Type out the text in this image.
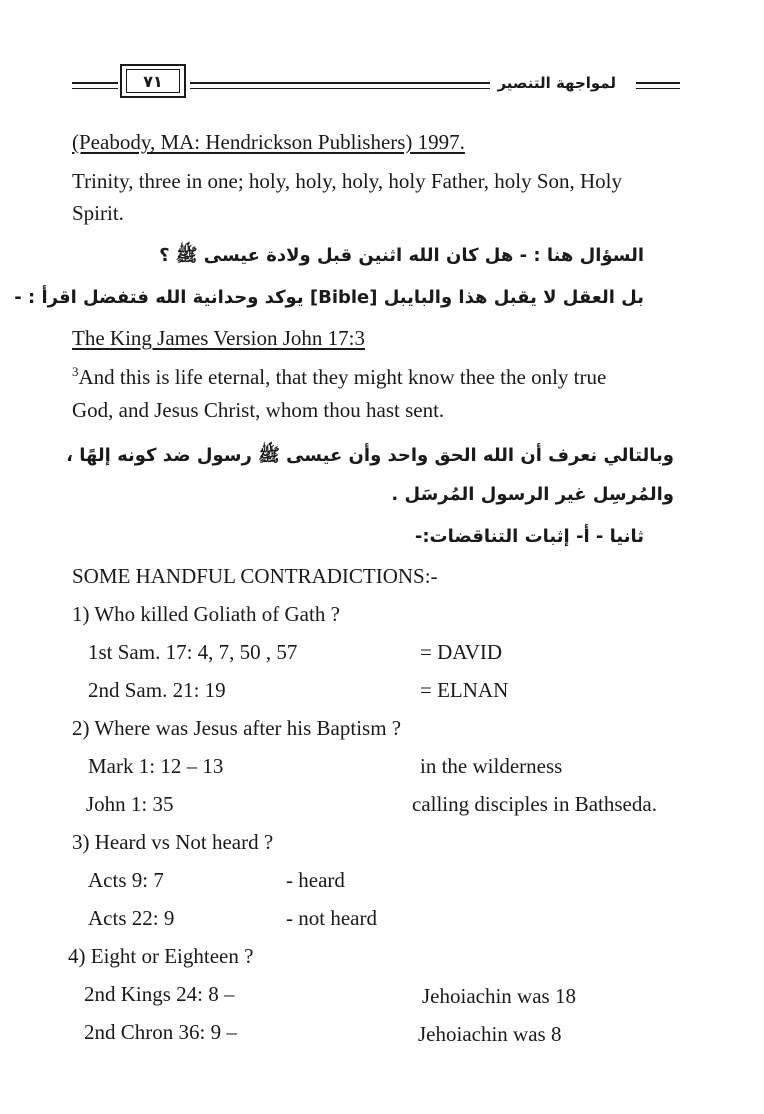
٧١	لمواجهة التنصير
(Peabody, MA: Hendrickson Publishers) 1997.
Trinity, three in one; holy, holy, holy, holy Father, holy Son, Holy
Spirit.
السؤال هنا : - هل كان الله اثنين قبل ولادة عيسى ﷺ ؟
بل العقل لا يقبل هذا والبايبل [Bible] يوكد وحدانية الله فتفضل اقرأ : -
The King James Version John 17:3
$^3$And this is life eternal, that they might know thee the only true
God, and Jesus Christ, whom thou hast sent.
وبالتالي نعرف أن الله الحق واحد وأن عيسى ﷺ رسول ضد كونه إلهًا ،
والمُرسِل غير الرسول المُرسَل .
ثانيا - أ- إثبات التناقضات:-
SOME HANDFUL CONTRADICTIONS:-
1) Who killed Goliath of Gath ?
1st Sam. 17: 4, 7, 50 , 57	= DAVID
2nd Sam. 21: 19	= ELNAN
2) Where was Jesus after his Baptism ?
Mark 1: 12 – 13	in the wilderness
John 1: 35	calling disciples in Bathseda.
3) Heard vs Not heard ?
Acts 9: 7	- heard
Acts 22: 9	- not heard
4) Eight or Eighteen ?
2nd Kings 24: 8 –	Jehoiachin was 18
2nd Chron 36: 9 –	Jehoiachin was 8
